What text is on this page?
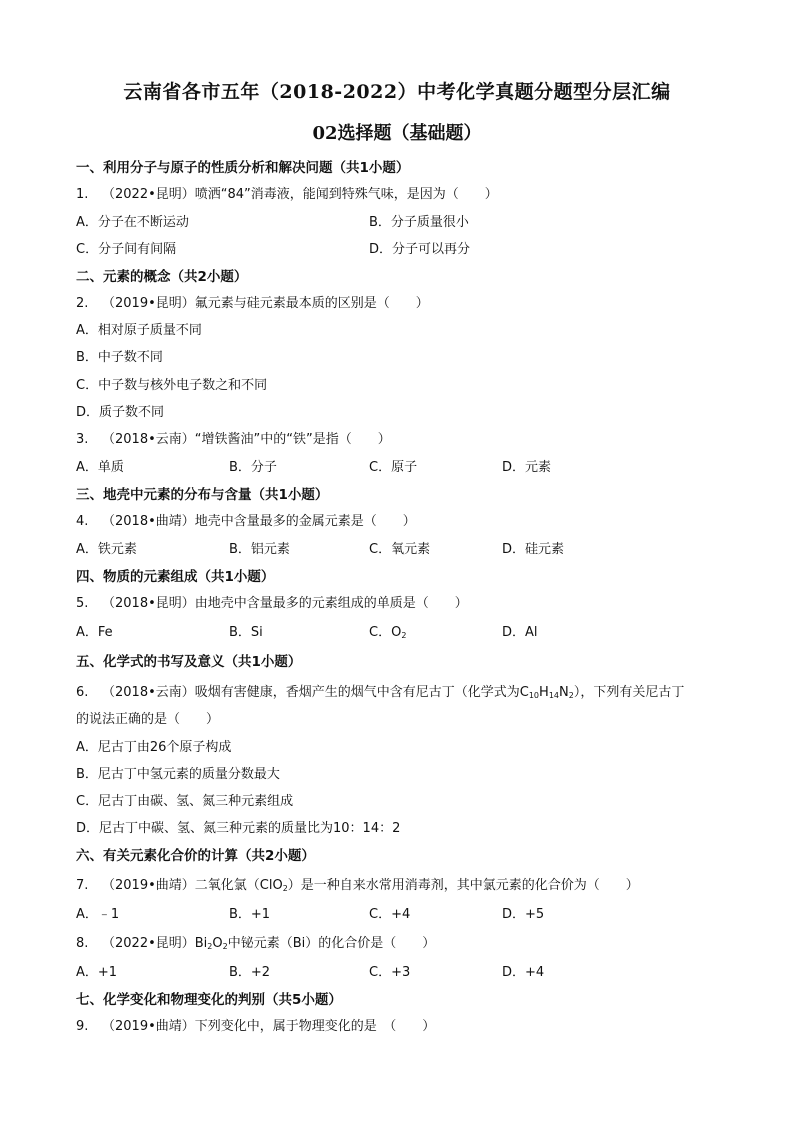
云南省各市五年（2018-2022）中考化学真题分题型分层汇编
02选择题（基础题）
一、利用分子与原子的性质分析和解决问题（共1小题）
1. （2022•昆明）喷洒“84”消毒液，能闻到特殊气味，是因为（　　）
A．分子在不断运动	B．分子质量很小
C．分子间有间隔	D．分子可以再分
二、元素的概念（共2小题）
2. （2019•昆明）氟元素与硅元素最本质的区别是（　　）
A．相对原子质量不同
B．中子数不同
C．中子数与核外电子数之和不同
D．质子数不同
3. （2018•云南）“增铁酱油”中的“铁”是指（　　）
A．单质	B．分子	C．原子	D．元素
三、地壳中元素的分布与含量（共1小题）
4. （2018•曲靖）地壳中含量最多的金属元素是（　　）
A．铁元素	B．铝元素	C．氧元素	D．硅元素
四、物质的元素组成（共1小题）
5. （2018•昆明）由地壳中含量最多的元素组成的单质是（　　）
A．Fe	B．Si	C．$O_2$	D．Al
五、化学式的书写及意义（共1小题）
6. （2018•云南）吸烟有害健康，香烟产生的烟气中含有尼古丁（化学式为$C_{10}H_{14}N_2$），下列有关尼古丁
的说法正确的是（　　）
A．尼古丁由26个原子构成
B．尼古丁中氢元素的质量分数最大
C．尼古丁由碳、氢、氮三种元素组成
D．尼古丁中碳、氢、氮三种元素的质量比为10：14：2
六、有关元素化合价的计算（共2小题）
7. （2019•曲靖）二氧化氯（ClO$_2$）是一种自来水常用消毒剂，其中氯元素的化合价为（　　）
A．﹣1	B．+1	C．+4	D．+5
8. （2022•昆明）$Bi_2O_2$中铋元素（Bi）的化合价是（　　）
A．+1	B．+2	C．+3	D．+4
七、化学变化和物理变化的判别（共5小题）
9. （2019•曲靖）下列变化中，属于物理变化的是　（　　）
